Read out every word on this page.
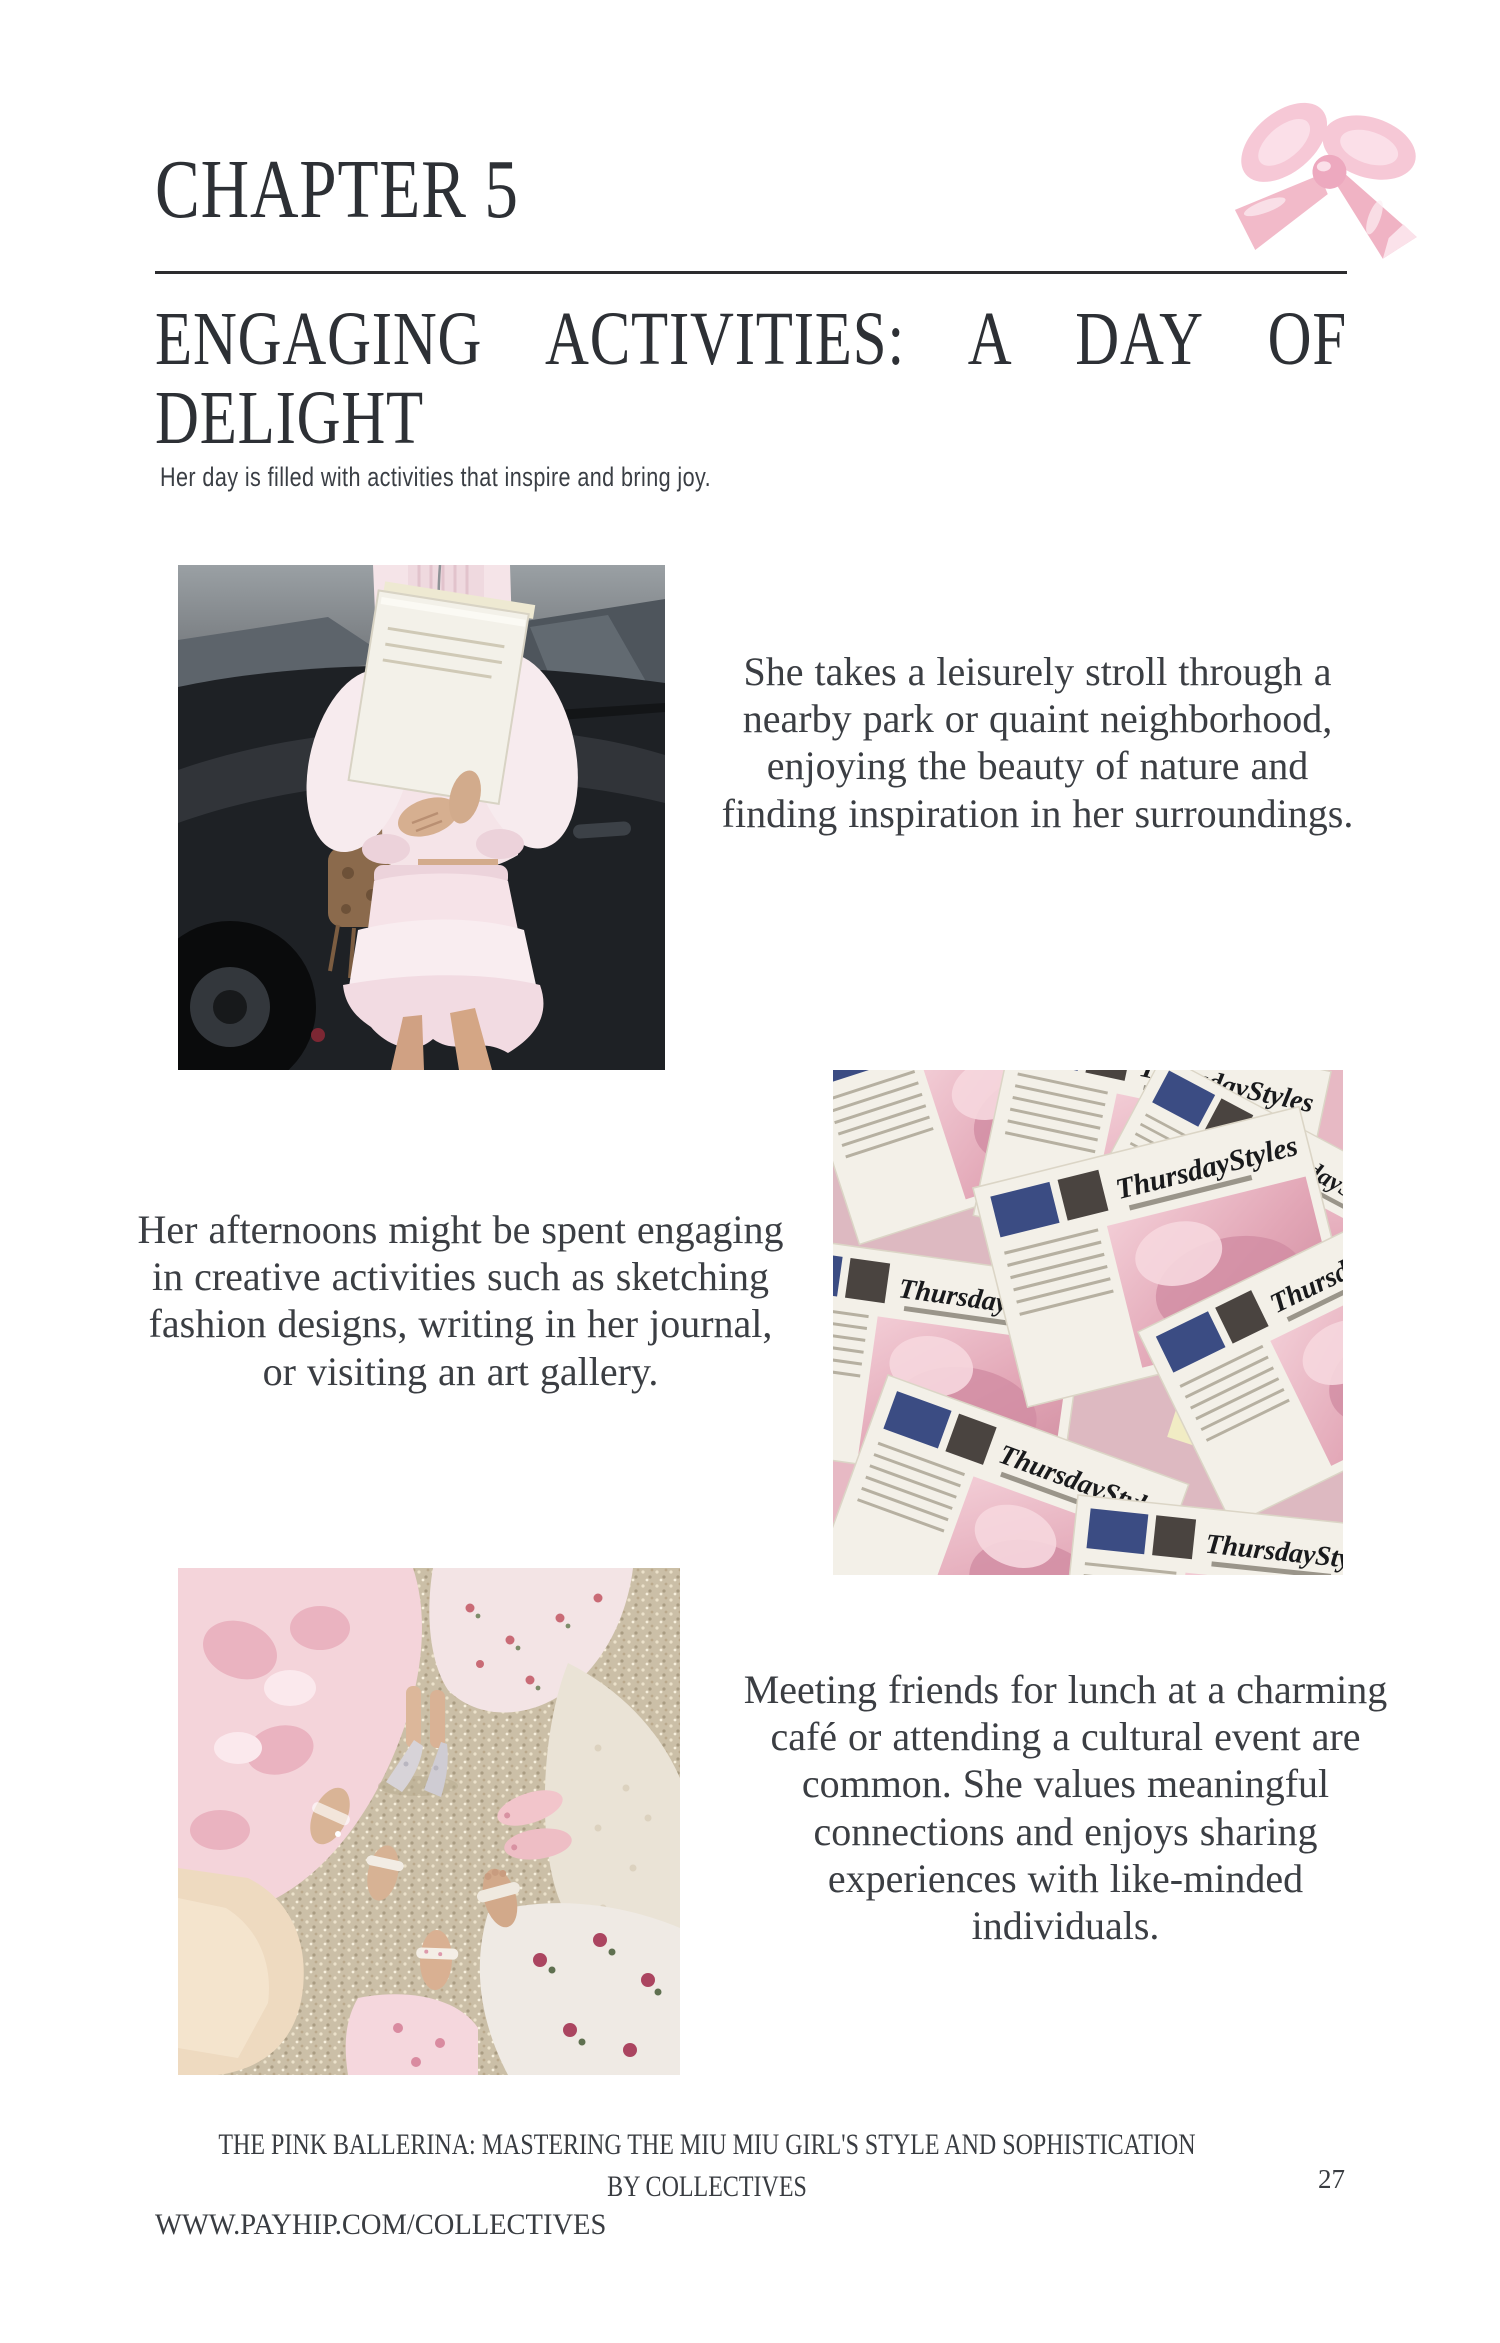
CHAPTER 5
ENGAGING ACTIVITIES: A DAY OF DELIGHT
Her day is filled with activities that inspire and bring joy.
She takes a leisurely stroll through a nearby park or quaint neighborhood, enjoying the beauty of nature and finding inspiration in her surroundings.
Her afternoons might be spent engaging in creative activities such as sketching fashion designs, writing in her journal, or visiting an art gallery.
Meeting friends for lunch at a charming café or attending a cultural event are common. She values meaningful connections and enjoys sharing experiences with like-minded individuals.
THE PINK BALLERINA: MASTERING THE MIU MIU GIRL'S STYLE AND SOPHISTICATION
BY COLLECTIVES
WWW.PAYHIP.COM/COLLECTIVES
27
